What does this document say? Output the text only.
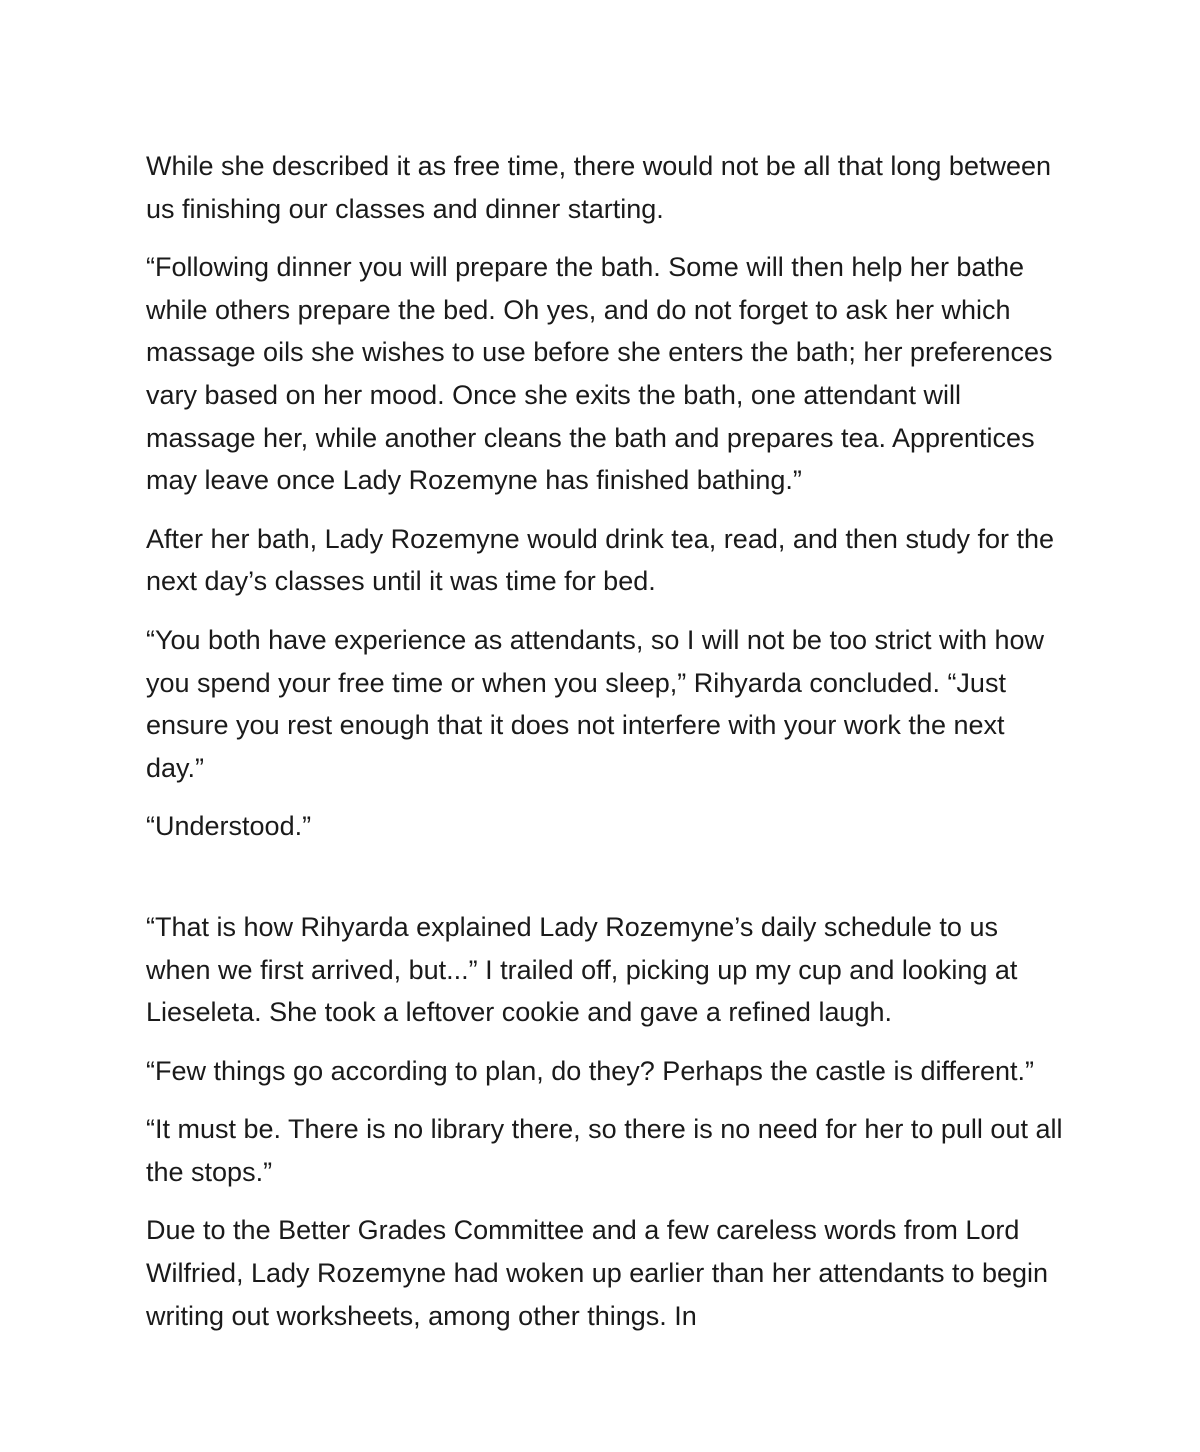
While she described it as free time, there would not be all that long between us finishing our classes and dinner starting.

“Following dinner you will prepare the bath. Some will then help her bathe while others prepare the bed. Oh yes, and do not forget to ask her which massage oils she wishes to use before she enters the bath; her preferences vary based on her mood. Once she exits the bath, one attendant will massage her, while another cleans the bath and prepares tea. Apprentices may leave once Lady Rozemyne has finished bathing.”

After her bath, Lady Rozemyne would drink tea, read, and then study for the next day’s classes until it was time for bed.

“You both have experience as attendants, so I will not be too strict with how you spend your free time or when you sleep,” Rihyarda concluded. “Just ensure you rest enough that it does not interfere with your work the next day.”

“Understood.”

“That is how Rihyarda explained Lady Rozemyne’s daily schedule to us when we first arrived, but...” I trailed off, picking up my cup and looking at Lieseleta. She took a leftover cookie and gave a refined laugh.

“Few things go according to plan, do they? Perhaps the castle is different.”

“It must be. There is no library there, so there is no need for her to pull out all the stops.”

Due to the Better Grades Committee and a few careless words from Lord Wilfried, Lady Rozemyne had woken up earlier than her attendants to begin writing out worksheets, among other things. In
